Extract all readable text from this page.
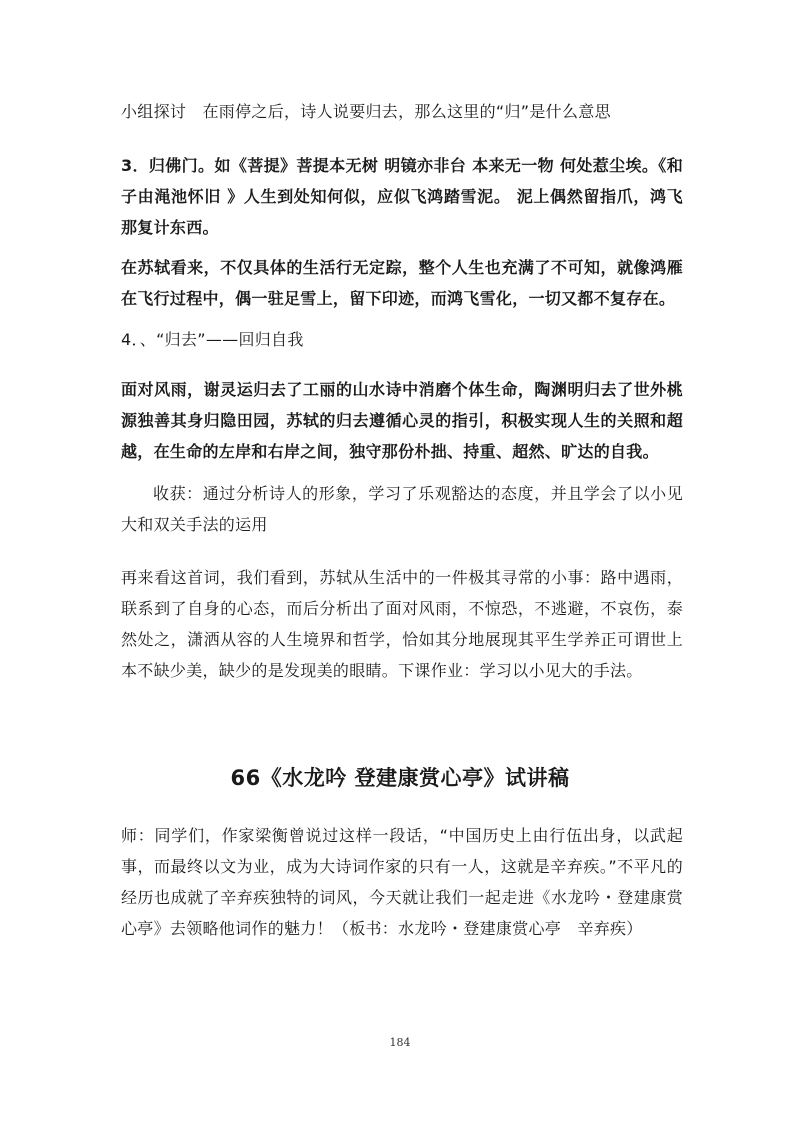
小组探讨　在雨停之后，诗人说要归去，那么这里的“归”是什么意思

3．归佛门。如《菩提》菩提本无树 明镜亦非台 本来无一物 何处惹尘埃。《和子由渑池怀旧 》人生到处知何似，应似飞鸿踏雪泥。 泥上偶然留指爪，鸿飞那复计东西。

在苏轼看来，不仅具体的生活行无定踪，整个人生也充满了不可知，就像鸿雁在飞行过程中，偶一驻足雪上，留下印迹，而鸿飞雪化，一切又都不复存在。

4．、“归去”——回归自我

面对风雨，谢灵运归去了工丽的山水诗中消磨个体生命，陶渊明归去了世外桃源独善其身归隐田园，苏轼的归去遵循心灵的指引，积极实现人生的关照和超越，在生命的左岸和右岸之间，独守那份朴拙、持重、超然、旷达的自我。

收获：通过分析诗人的形象，学习了乐观豁达的态度，并且学会了以小见大和双关手法的运用

再来看这首词，我们看到，苏轼从生活中的一件极其寻常的小事：路中遇雨，联系到了自身的心态，而后分析出了面对风雨，不惊恐，不逃避，不哀伤，泰然处之，潇洒从容的人生境界和哲学，恰如其分地展现其平生学养正可谓世上本不缺少美，缺少的是发现美的眼睛。下课作业：学习以小见大的手法。

66《水龙吟 登建康赏心亭》试讲稿

师：同学们，作家梁衡曾说过这样一段话，“中国历史上由行伍出身，以武起事，而最终以文为业，成为大诗词作家的只有一人，这就是辛弃疾。”不平凡的经历也成就了辛弃疾独特的词风，今天就让我们一起走进《水龙吟・登建康赏心亭》去领略他词作的魅力！（板书：水龙吟・登建康赏心亭　辛弃疾）

184
